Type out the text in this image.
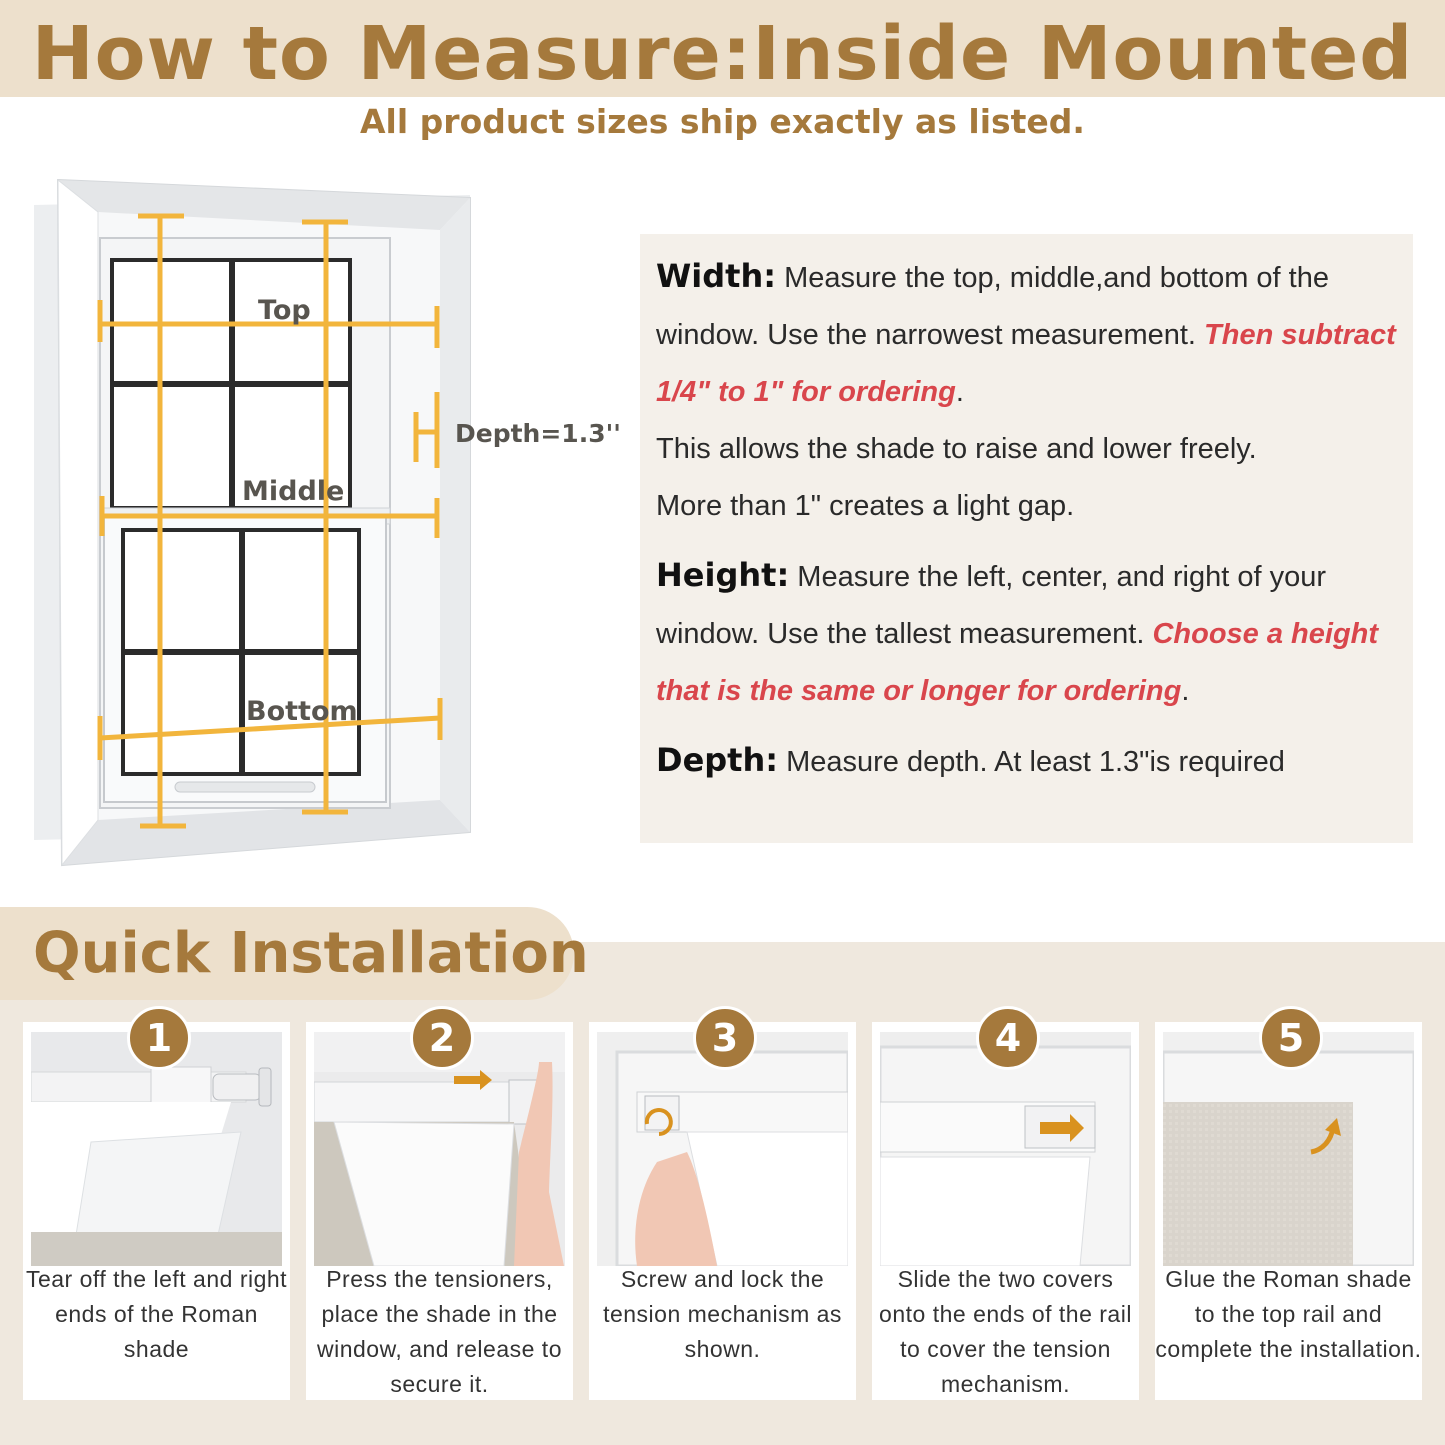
How to Measure:Inside Mounted
All product sizes ship exactly as listed.
Top
Middle
Bottom
Depth=1.3''
Width: Measure the top, middle,and bottom of the window. Use the narrowest measurement. Then subtract 1/4" to 1" for ordering.
This allows the shade to raise and lower freely.
More than 1" creates a light gap.
Height: Measure the left, center, and right of your window. Use the tallest measurement. Choose a height that is the same or longer for ordering.
Depth: Measure depth. At least 1.3"is required
Quick Installation
1
Tear off the left and right ends of the Roman shade
2
Press the tensioners, place the shade in the window, and release to secure it.
3
Screw and lock the tension mechanism as shown.
4
Slide the two covers onto the ends of the rail to cover the tension mechanism.
5
Glue the Roman shade to the top rail and complete the installation.
